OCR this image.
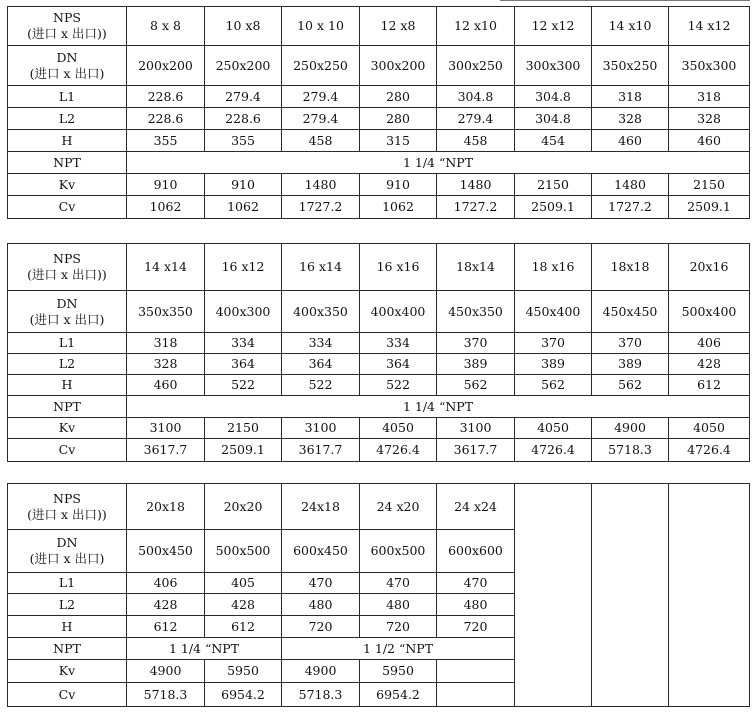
NPS
(进口 x 出口))	8 x 8	10 x8	10 x 10	12 x8	12 x10	12 x12	14 x10	14 x12
DN
(进口 x 出口)	200x200	250x200	250x250	300x200	300x250	300x300	350x250	350x300
L1	228.6	279.4	279.4	280	304.8	304.8	318	318
L2	228.6	228.6	279.4	280	279.4	304.8	328	328
H	355	355	458	315	458	454	460	460
NPT	1 1/4 “NPT							
Kv	910	910	1480	910	1480	2150	1480	2150
Cv	1062	1062	1727.2	1062	1727.2	2509.1	1727.2	2509.1
NPS
(进口 x 出口))	14 x14	16 x12	16 x14	16 x16	18x14	18 x16	18x18	20x16
DN
(进口 x 出口)	350x350	400x300	400x350	400x400	450x350	450x400	450x450	500x400
L1	318	334	334	334	370	370	370	406
L2	328	364	364	364	389	389	389	428
H	460	522	522	522	562	562	562	612
NPT	1 1/4 “NPT							
Kv	3100	2150	3100	4050	3100	4050	4900	4050
Cv	3617.7	2509.1	3617.7	4726.4	3617.7	4726.4	5718.3	4726.4
NPS
(进口 x 出口))	20x18	20x20	24x18	24 x20	24 x24			
DN
(进口 x 出口)	500x450	500x500	600x450	600x500	600x600			
L1	406	405	470	470	470			
L2	428	428	480	480	480			
H	612	612	720	720	720			
NPT	1 1/4 “NPT		1 1/2 “NPT					
Kv	4900	5950	4900	5950				
Cv	5718.3	6954.2	5718.3	6954.2				
